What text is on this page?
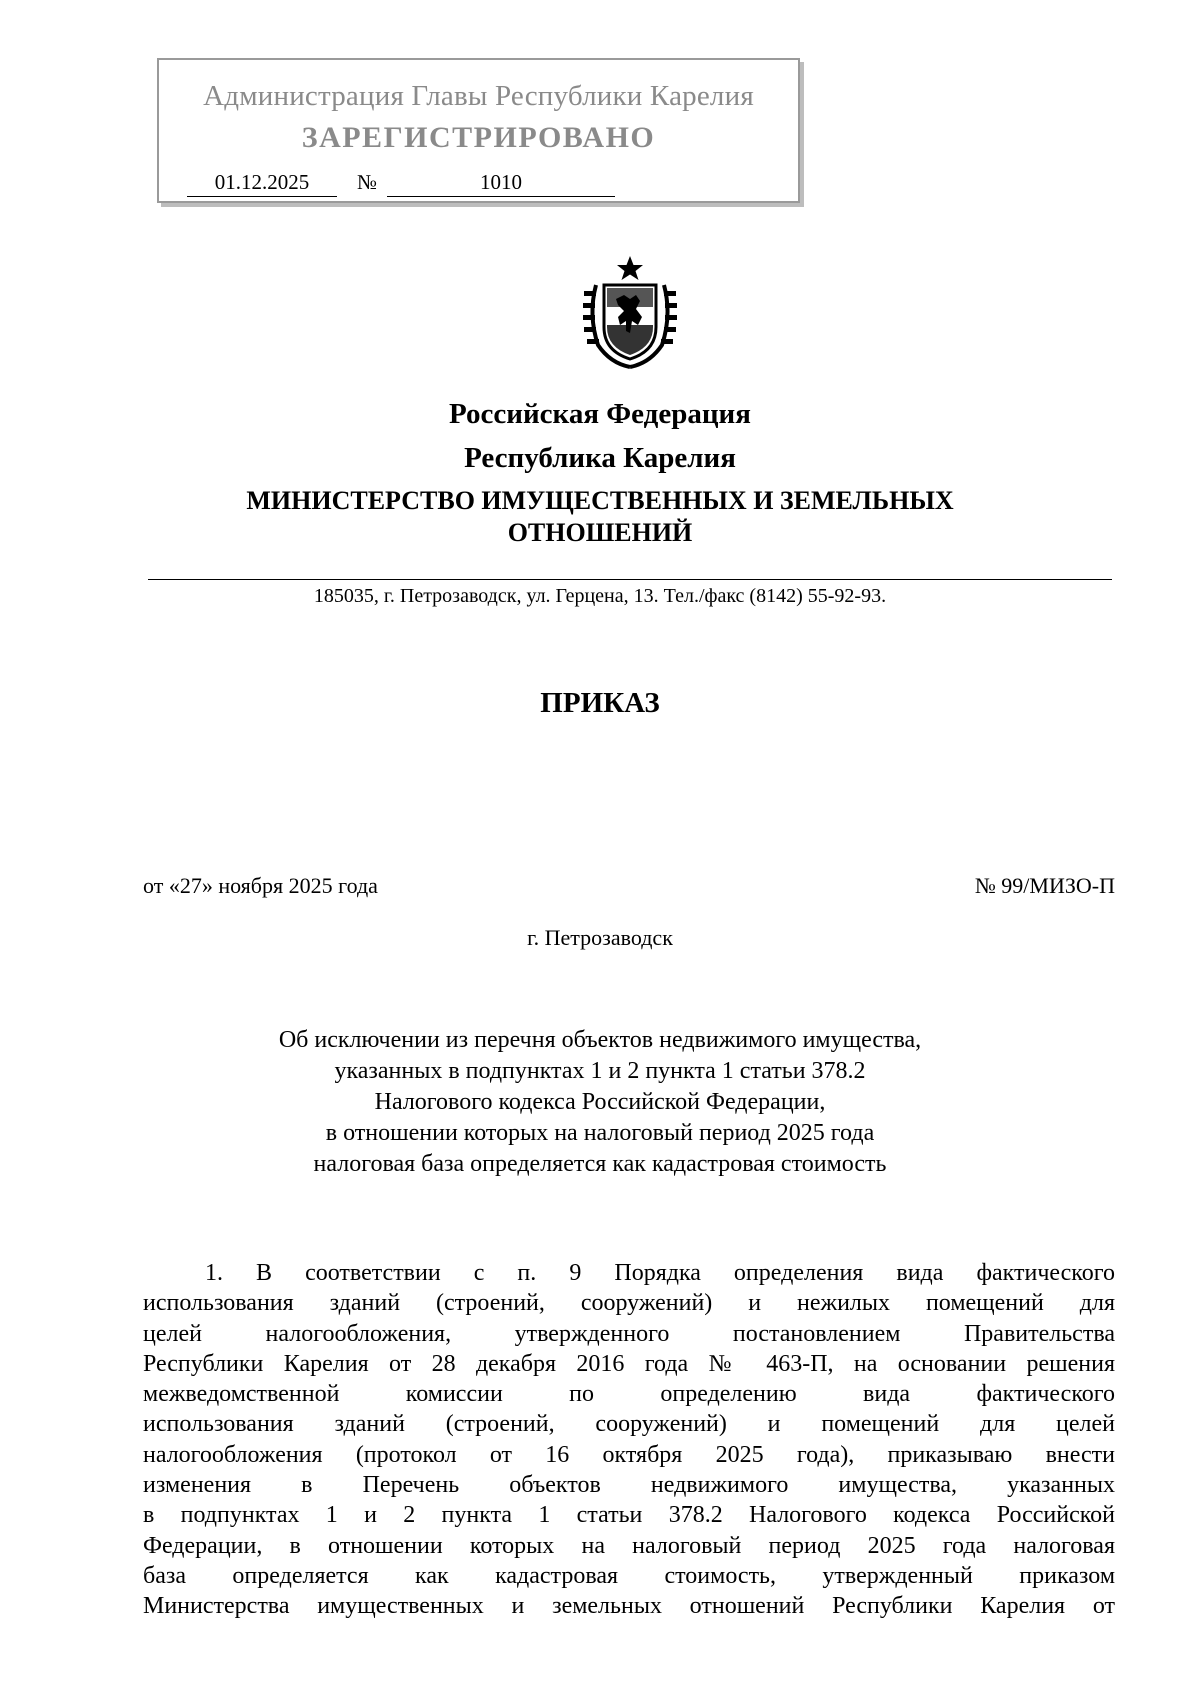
Администрация Главы Республики Карелия
ЗАРЕГИСТРИРОВАНО
01.12.2025	№	1010
Российская Федерация
Республика Карелия
МИНИСТЕРСТВО ИМУЩЕСТВЕННЫХ И ЗЕМЕЛЬНЫХ
ОТНОШЕНИЙ
185035, г. Петрозаводск, ул. Герцена, 13. Тел./факс (8142) 55-92-93.
ПРИКАЗ
от «27» ноября 2025 года	№ 99/МИЗО-П
г. Петрозаводск
Об исключении из перечня объектов недвижимого имущества,
указанных в подпунктах 1 и 2 пункта 1 статьи 378.2
Налогового кодекса Российской Федерации,
в отношении которых на налоговый период 2025 года
налоговая база определяется как кадастровая стоимость
1. В соответствии с п. 9 Порядка определения вида фактического
использования зданий (строений, сооружений) и нежилых помещений для
целей налогообложения, утвержденного постановлением Правительства
Республики Карелия от 28 декабря 2016 года № 463-П, на основании решения
межведомственной комиссии по определению вида фактического
использования зданий (строений, сооружений) и помещений для целей
налогообложения (протокол от 16 октября 2025 года), приказываю внести
изменения в Перечень объектов недвижимого имущества, указанных
в подпунктах 1 и 2 пункта 1 статьи 378.2 Налогового кодекса Российской
Федерации, в отношении которых на налоговый период 2025 года налоговая
база определяется как кадастровая стоимость, утвержденный приказом
Министерства имущественных и земельных отношений Республики Карелия от
